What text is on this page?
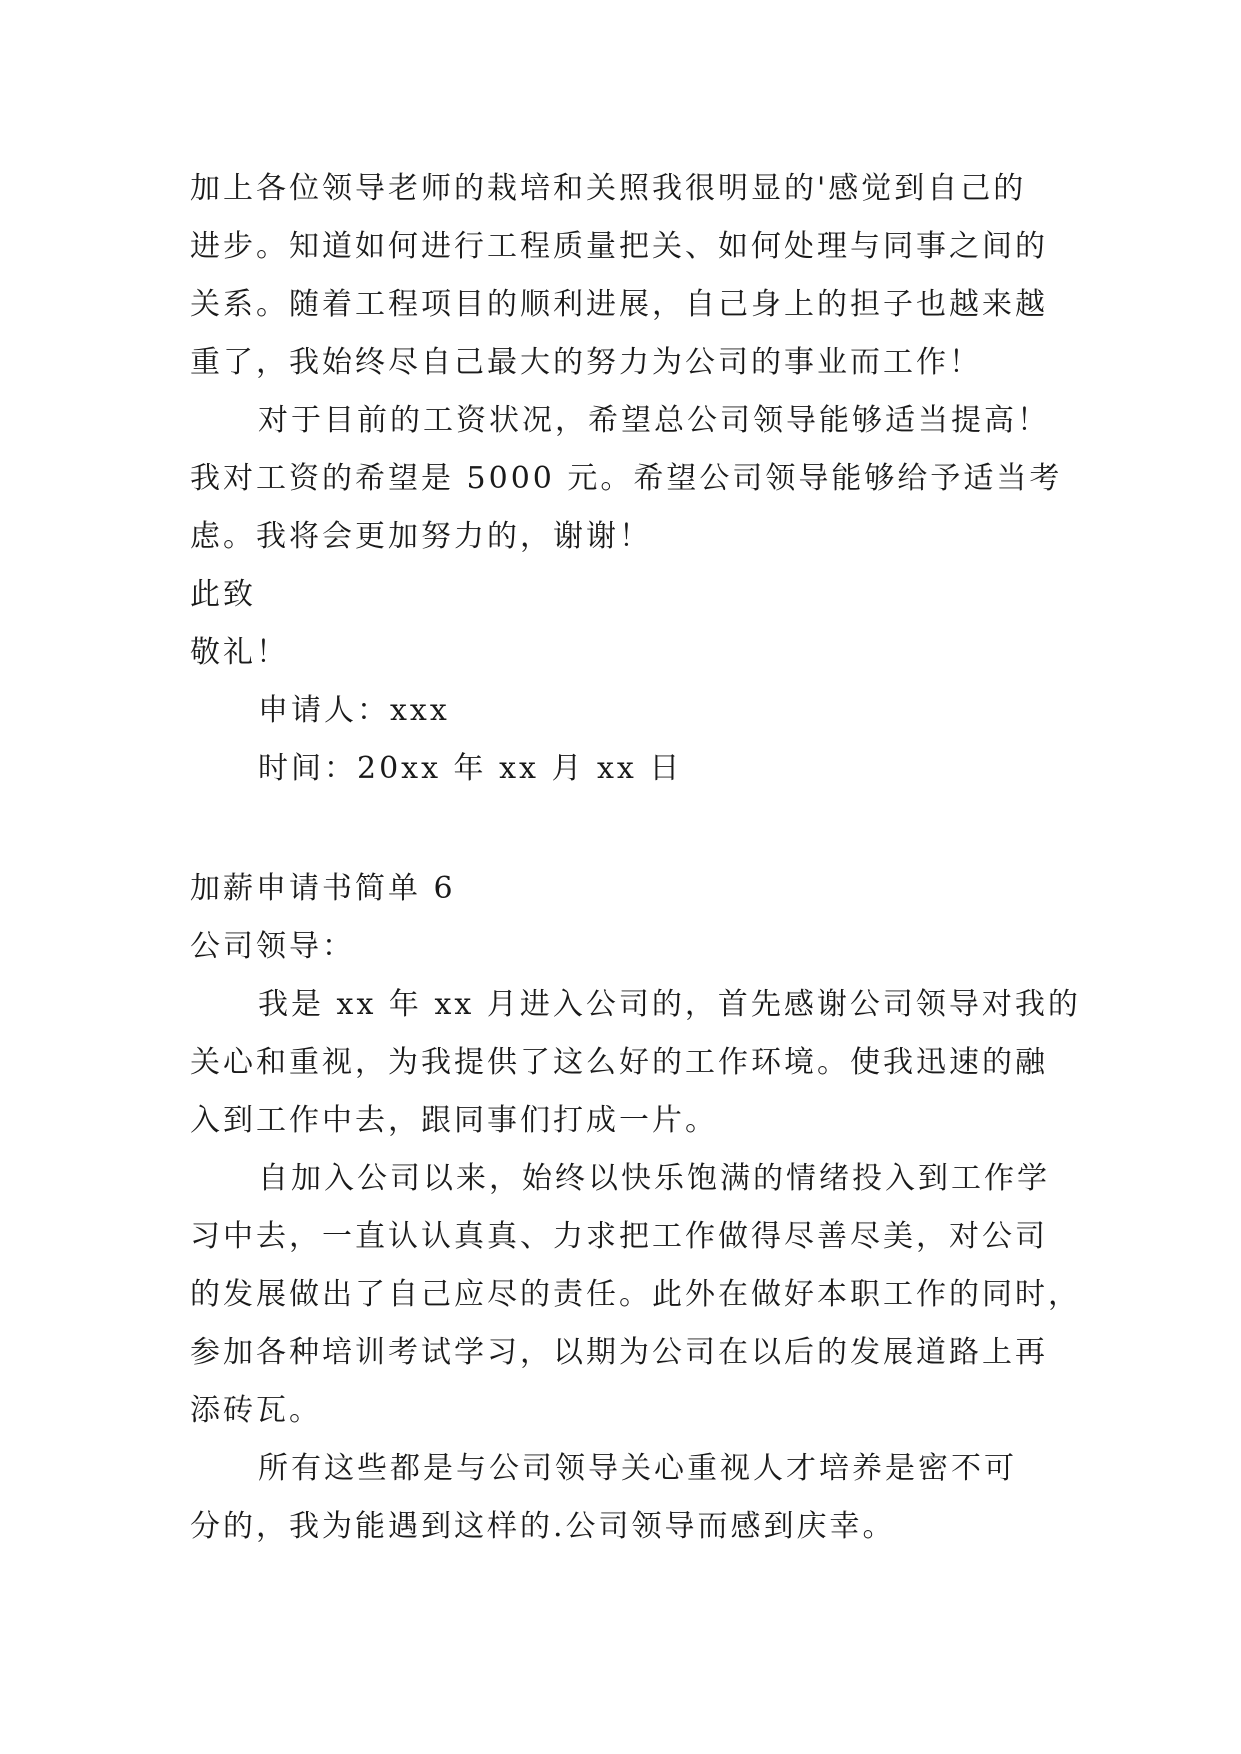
加上各位领导老师的栽培和关照我很明显的'感觉到自己的
进步。知道如何进行工程质量把关、如何处理与同事之间的
关系。随着工程项目的顺利进展，自己身上的担子也越来越
重了，我始终尽自己最大的努力为公司的事业而工作！
对于目前的工资状况，希望总公司领导能够适当提高！
我对工资的希望是 5000 元。希望公司领导能够给予适当考
虑。我将会更加努力的，谢谢！
此致
敬礼！
申请人：xxx
时间：20xx 年 xx 月 xx 日
加薪申请书简单 6
公司领导：
我是 xx 年 xx 月进入公司的，首先感谢公司领导对我的
关心和重视，为我提供了这么好的工作环境。使我迅速的融
入到工作中去，跟同事们打成一片。
自加入公司以来，始终以快乐饱满的情绪投入到工作学
习中去，一直认认真真、力求把工作做得尽善尽美，对公司
的发展做出了自己应尽的责任。此外在做好本职工作的同时，
参加各种培训考试学习，以期为公司在以后的发展道路上再
添砖瓦。
所有这些都是与公司领导关心重视人才培养是密不可
分的，我为能遇到这样的.公司领导而感到庆幸。
